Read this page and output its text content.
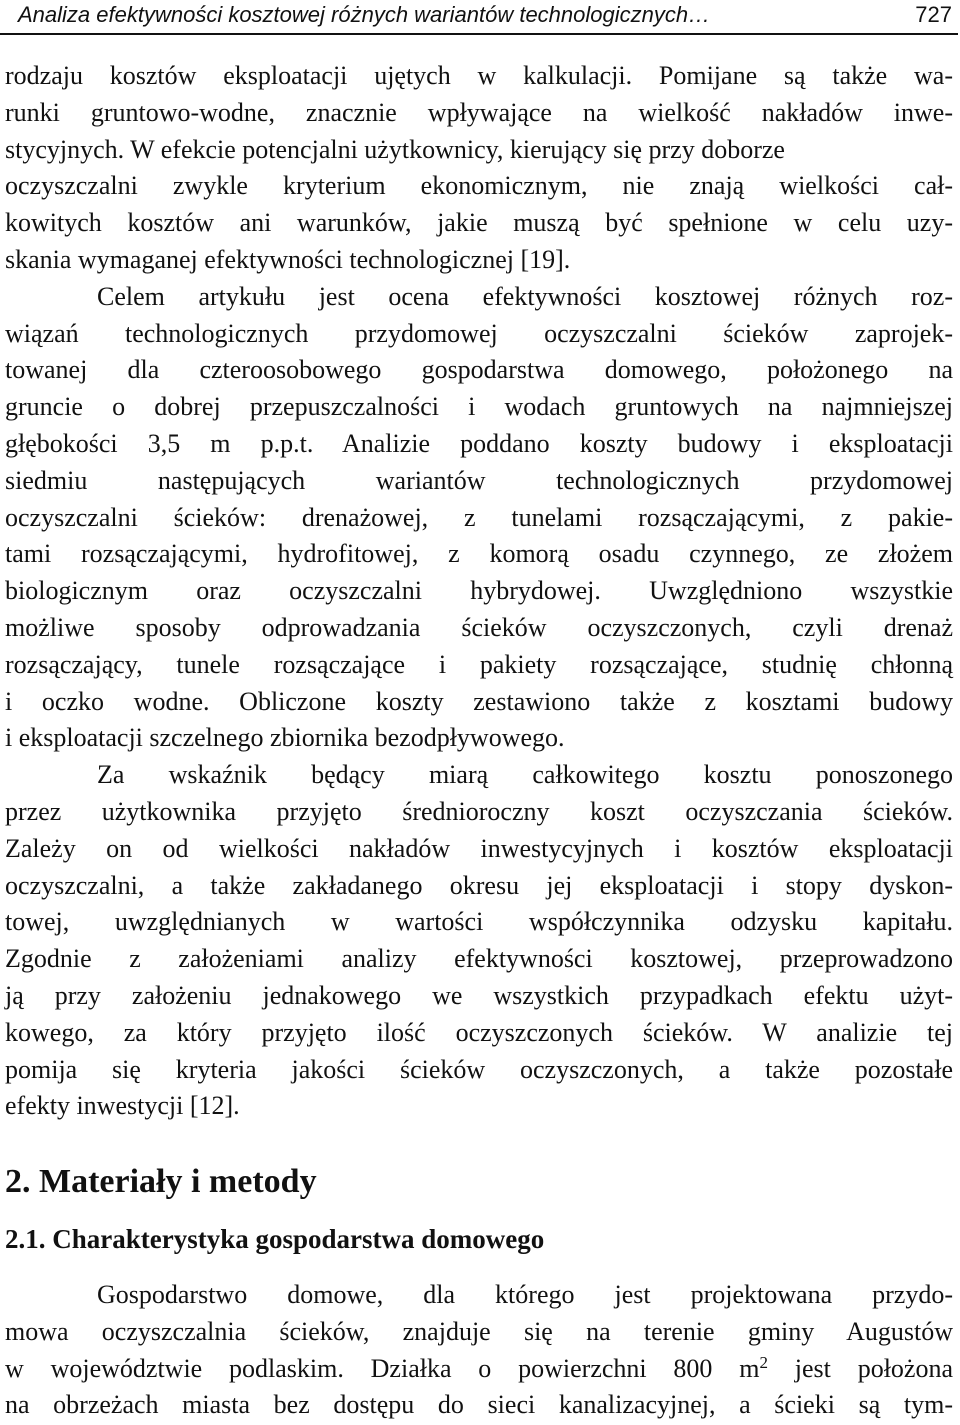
Analiza efektywności kosztowej różnych wariantów technologicznych…	727
rodzaju kosztów eksploatacji ujętych w kalkulacji. Pomijane są także wa-
runki gruntowo-wodne, znacznie wpływające na wielkość nakładów inwe-
stycyjnych. W efekcie potencjalni użytkownicy, kierujący się przy doborze
oczyszczalni zwykle kryterium ekonomicznym, nie znają wielkości cał-
kowitych kosztów ani warunków, jakie muszą być spełnione w celu uzy-
skania wymaganej efektywności technologicznej [19].
Celem artykułu jest ocena efektywności kosztowej różnych roz-
wiązań technologicznych przydomowej oczyszczalni ścieków zaprojek-
towanej dla czteroosobowego gospodarstwa domowego, położonego na
gruncie o dobrej przepuszczalności i wodach gruntowych na najmniejszej
głębokości 3,5 m p.p.t. Analizie poddano koszty budowy i eksploatacji
siedmiu następujących wariantów technologicznych przydomowej
oczyszczalni ścieków: drenażowej, z tunelami rozsączającymi, z pakie-
tami rozsączającymi, hydrofitowej, z komorą osadu czynnego, ze złożem
biologicznym oraz oczyszczalni hybrydowej. Uwzględniono wszystkie
możliwe sposoby odprowadzania ścieków oczyszczonych, czyli drenaż
rozsączający, tunele rozsączające i pakiety rozsączające, studnię chłonną
i oczko wodne. Obliczone koszty zestawiono także z kosztami budowy
i eksploatacji szczelnego zbiornika bezodpływowego.
Za wskaźnik będący miarą całkowitego kosztu ponoszonego
przez użytkownika przyjęto średnioroczny koszt oczyszczania ścieków.
Zależy on od wielkości nakładów inwestycyjnych i kosztów eksploatacji
oczyszczalni, a także zakładanego okresu jej eksploatacji i stopy dyskon-
towej, uwzględnianych w wartości współczynnika odzysku kapitału.
Zgodnie z założeniami analizy efektywności kosztowej, przeprowadzono
ją przy założeniu jednakowego we wszystkich przypadkach efektu użyt-
kowego, za który przyjęto ilość oczyszczonych ścieków. W analizie tej
pomija się kryteria jakości ścieków oczyszczonych, a także pozostałe
efekty inwestycji [12].
2. Materiały i metody
2.1. Charakterystyka gospodarstwa domowego
Gospodarstwo domowe, dla którego jest projektowana przydo-
mowa oczyszczalnia ścieków, znajduje się na terenie gminy Augustów
w województwie podlaskim. Działka o powierzchni 800 $m^2$ jest położona
na obrzeżach miasta bez dostępu do sieci kanalizacyjnej, a ścieki są tym-
